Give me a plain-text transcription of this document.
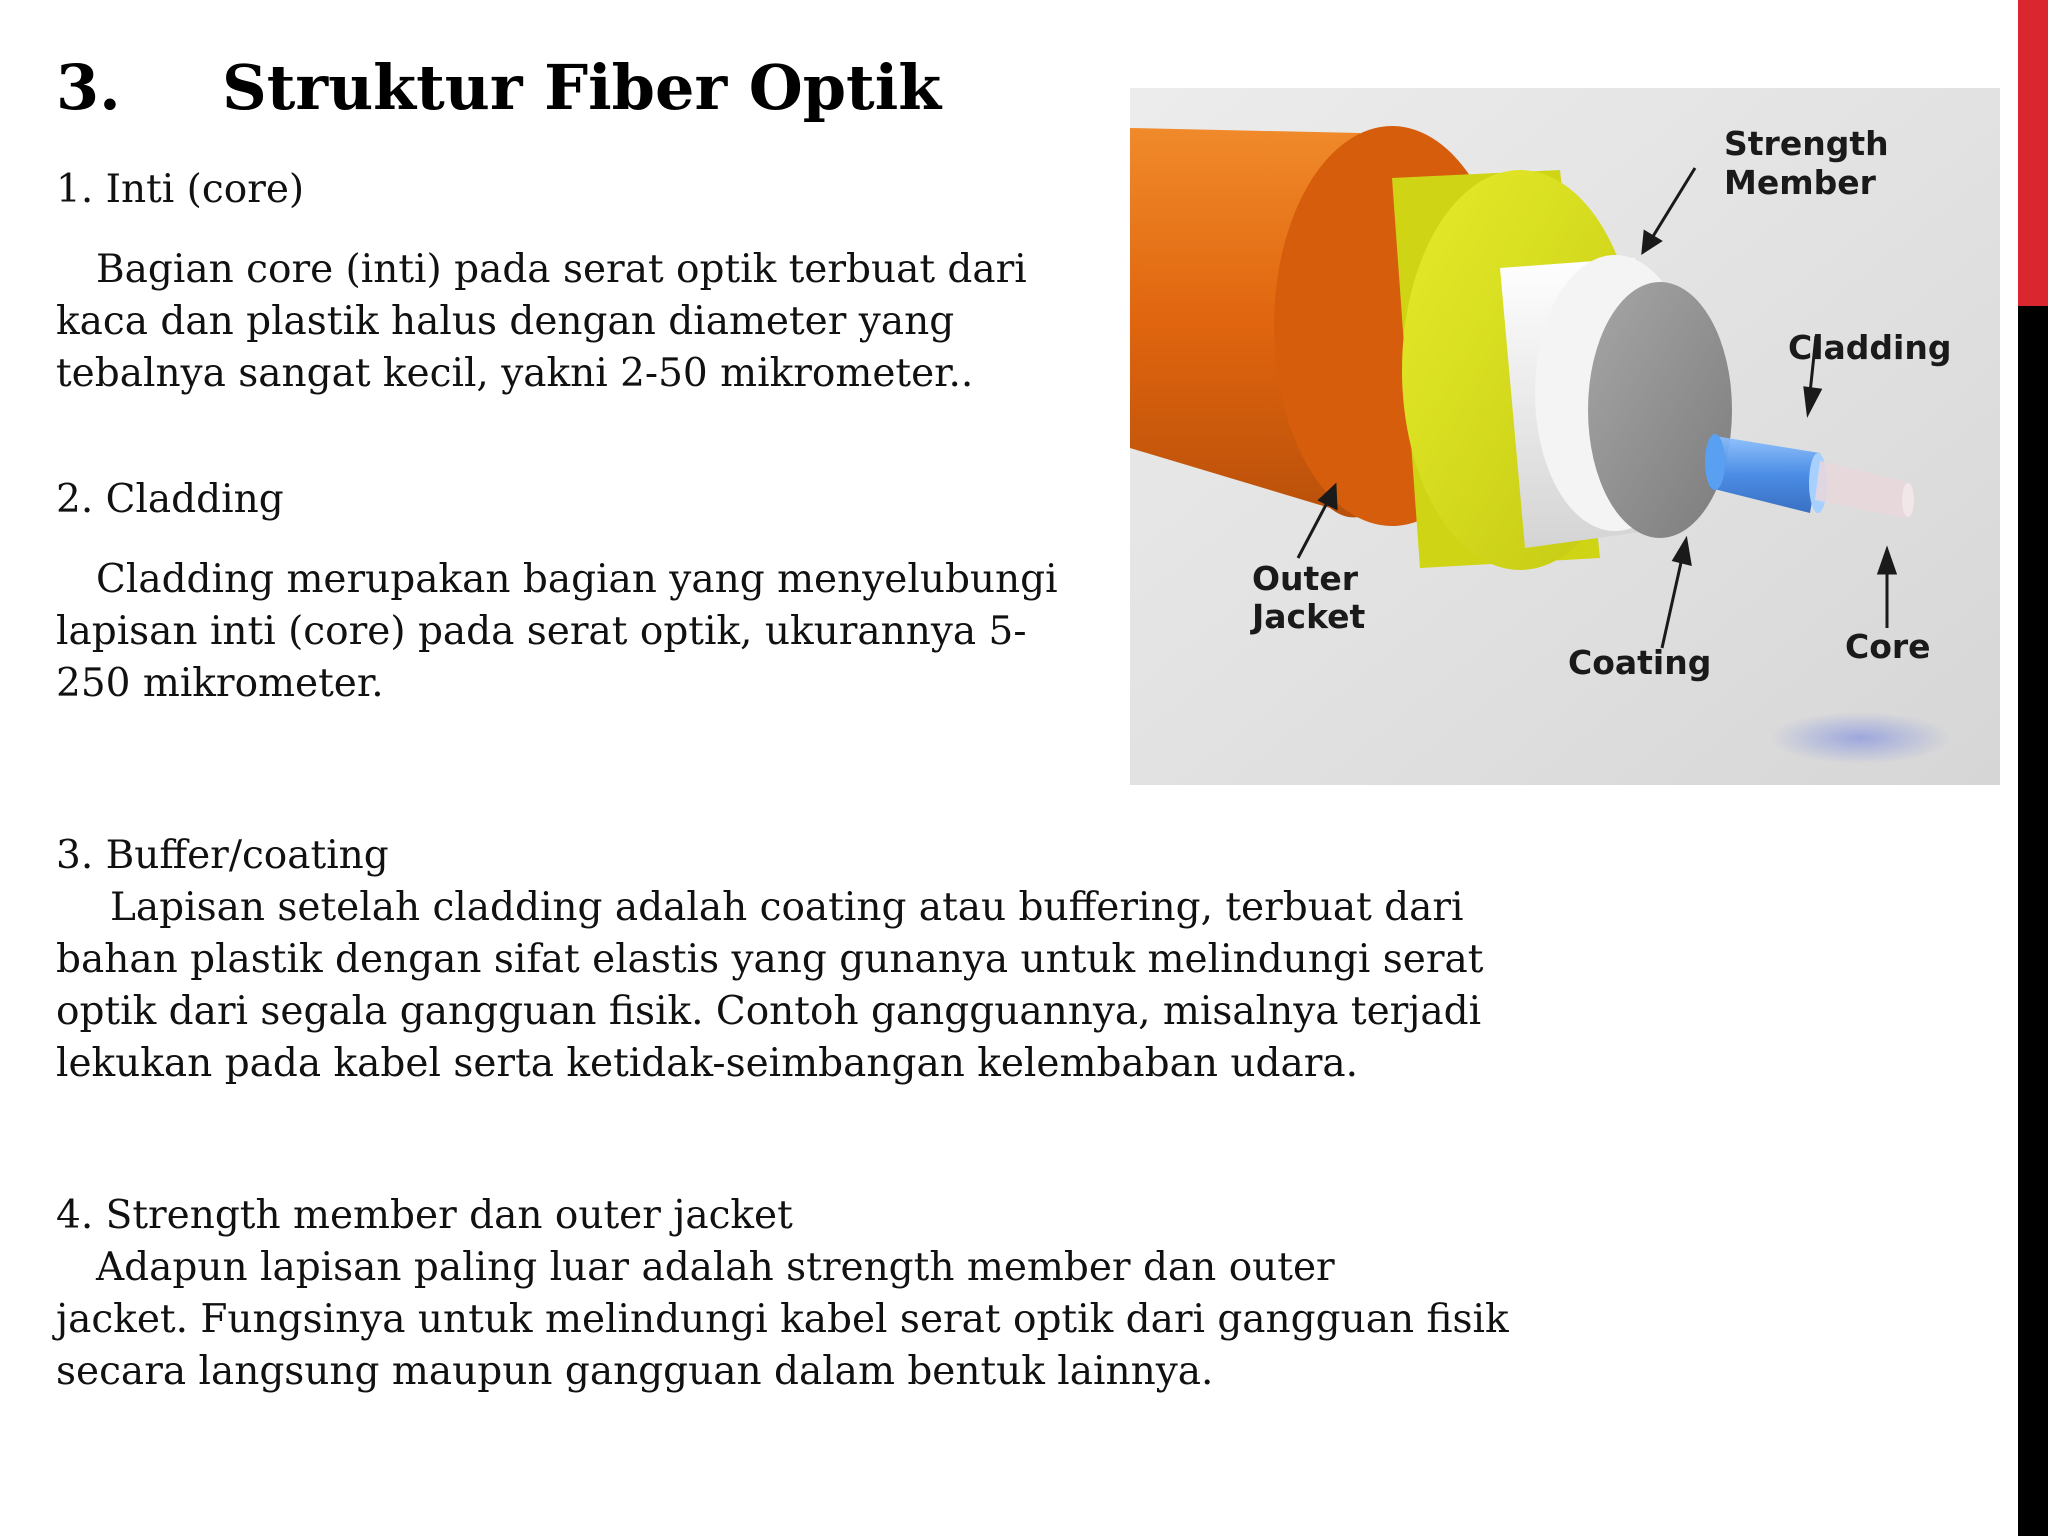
3. Struktur Fiber Optik
1. Inti (core)
Bagian core (inti) pada serat optik terbuat dari
kaca dan plastik halus dengan diameter yang
tebalnya sangat kecil, yakni 2-50 mikrometer..
2. Cladding
Cladding merupakan bagian yang menyelubungi
lapisan inti (core) pada serat optik, ukurannya 5-
250 mikrometer.
3. Buffer/coating
Lapisan setelah cladding adalah coating atau buffering, terbuat dari
bahan plastik dengan sifat elastis yang gunanya untuk melindungi serat
optik dari segala gangguan fisik. Contoh gangguannya, misalnya terjadi
lekukan pada kabel serta ketidak-seimbangan kelembaban udara.
4. Strength member dan outer jacket
Adapun lapisan paling luar adalah strength member dan outer
jacket. Fungsinya untuk melindungi kabel serat optik dari gangguan fisik
secara langsung maupun gangguan dalam bentuk lainnya.
Strength
Member
Cladding
Outer
Jacket
Coating	Core
